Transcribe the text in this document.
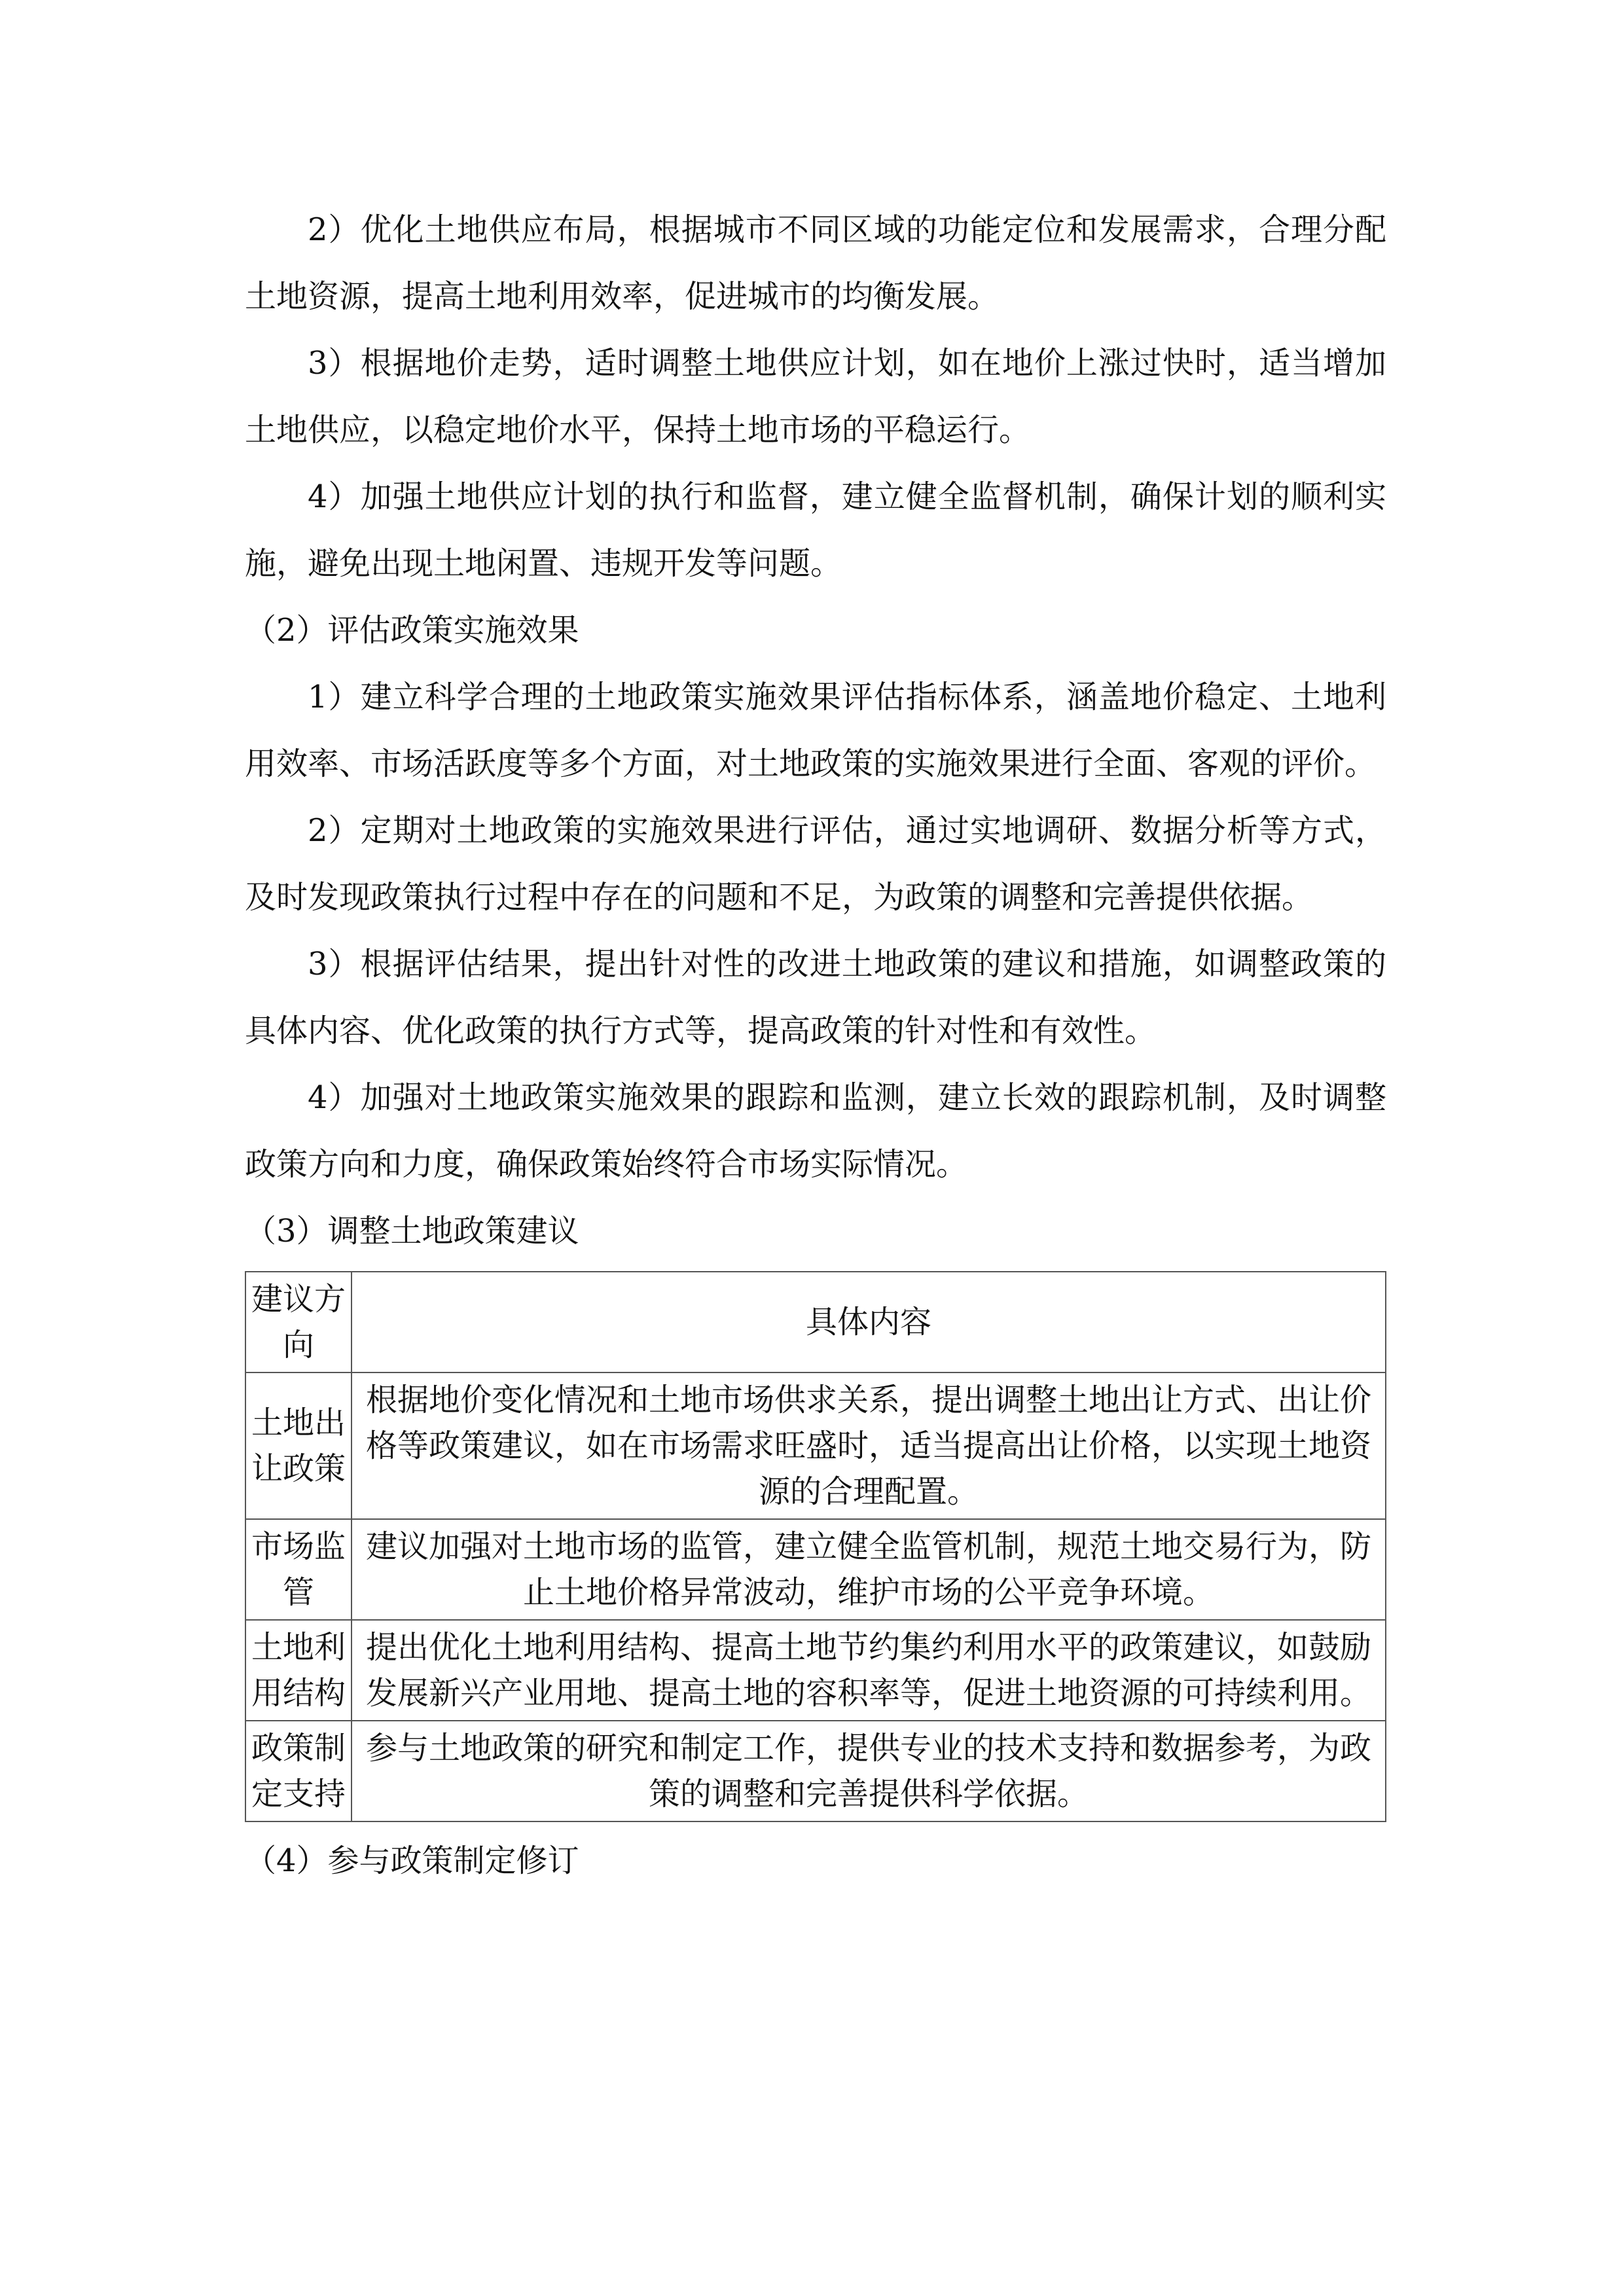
2）优化土地供应布局，根据城市不同区域的功能定位和发展需求，合理分配土地资源，提高土地利用效率，促进城市的均衡发展。

3）根据地价走势，适时调整土地供应计划，如在地价上涨过快时，适当增加土地供应，以稳定地价水平，保持土地市场的平稳运行。

4）加强土地供应计划的执行和监督，建立健全监督机制，确保计划的顺利实施，避免出现土地闲置、违规开发等问题。

（2）评估政策实施效果

1）建立科学合理的土地政策实施效果评估指标体系，涵盖地价稳定、土地利用效率、市场活跃度等多个方面，对土地政策的实施效果进行全面、客观的评价。

2）定期对土地政策的实施效果进行评估，通过实地调研、数据分析等方式，及时发现政策执行过程中存在的问题和不足，为政策的调整和完善提供依据。

3）根据评估结果，提出针对性的改进土地政策的建议和措施，如调整政策的具体内容、优化政策的执行方式等，提高政策的针对性和有效性。

4）加强对土地政策实施效果的跟踪和监测，建立长效的跟踪机制，及时调整政策方向和力度，确保政策始终符合市场实际情况。

（3）调整土地政策建议

建议方向	具体内容
土地出让政策	根据地价变化情况和土地市场供求关系，提出调整土地出让方式、出让价格等政策建议，如在市场需求旺盛时，适当提高出让价格，以实现土地资源的合理配置。
市场监管	建议加强对土地市场的监管，建立健全监管机制，规范土地交易行为，防止土地价格异常波动，维护市场的公平竞争环境。
土地利用结构	提出优化土地利用结构、提高土地节约集约利用水平的政策建议，如鼓励发展新兴产业用地、提高土地的容积率等，促进土地资源的可持续利用。
政策制定支持	参与土地政策的研究和制定工作，提供专业的技术支持和数据参考，为政策的调整和完善提供科学依据。

（4）参与政策制定修订
